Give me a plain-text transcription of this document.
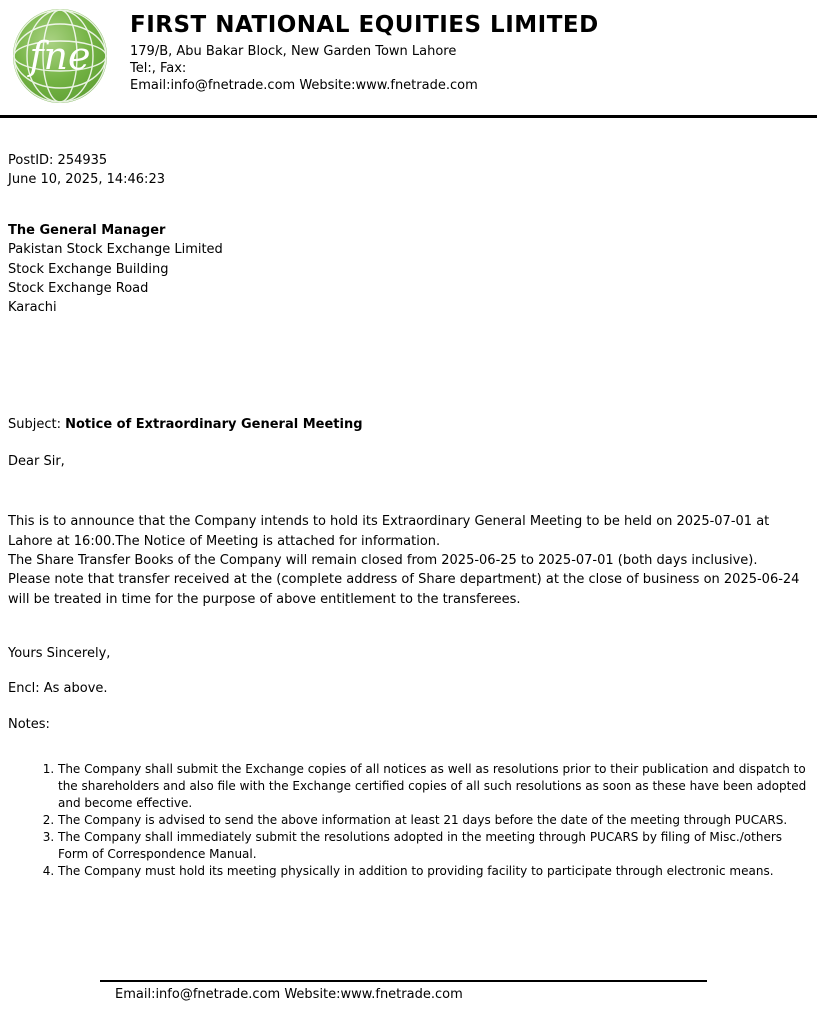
fne
FIRST NATIONAL EQUITIES LIMITED
179/B, Abu Bakar Block, New Garden Town Lahore
Tel:, Fax:
Email:info@fnetrade.com Website:www.fnetrade.com
PostID: 254935
June 10, 2025, 14:46:23
The General Manager
Pakistan Stock Exchange Limited
Stock Exchange Building
Stock Exchange Road
Karachi
Subject: Notice of Extraordinary General Meeting
Dear Sir,

This is to announce that the Company intends to hold its Extraordinary General Meeting to be held on 2025-07-01 at Lahore at 16:00.The Notice of Meeting is attached for information.

The Share Transfer Books of the Company will remain closed from 2025-06-25 to 2025-07-01 (both days inclusive).

Please note that transfer received at the (complete address of Share department) at the close of business on 2025-06-24 will be treated in time for the purpose of above entitlement to the transferees.

Yours Sincerely,
Encl: As above.
Notes:
1. The Company shall submit the Exchange copies of all notices as well as resolutions prior to their publication and dispatch to the shareholders and also file with the Exchange certified copies of all such resolutions as soon as these have been adopted and become effective.
2. The Company is advised to send the above information at least 21 days before the date of the meeting through PUCARS.
3. The Company shall immediately submit the resolutions adopted in the meeting through PUCARS by filing of Misc./others Form of Correspondence Manual.
4. The Company must hold its meeting physically in addition to providing facility to participate through electronic means.
Email:info@fnetrade.com Website:www.fnetrade.com
